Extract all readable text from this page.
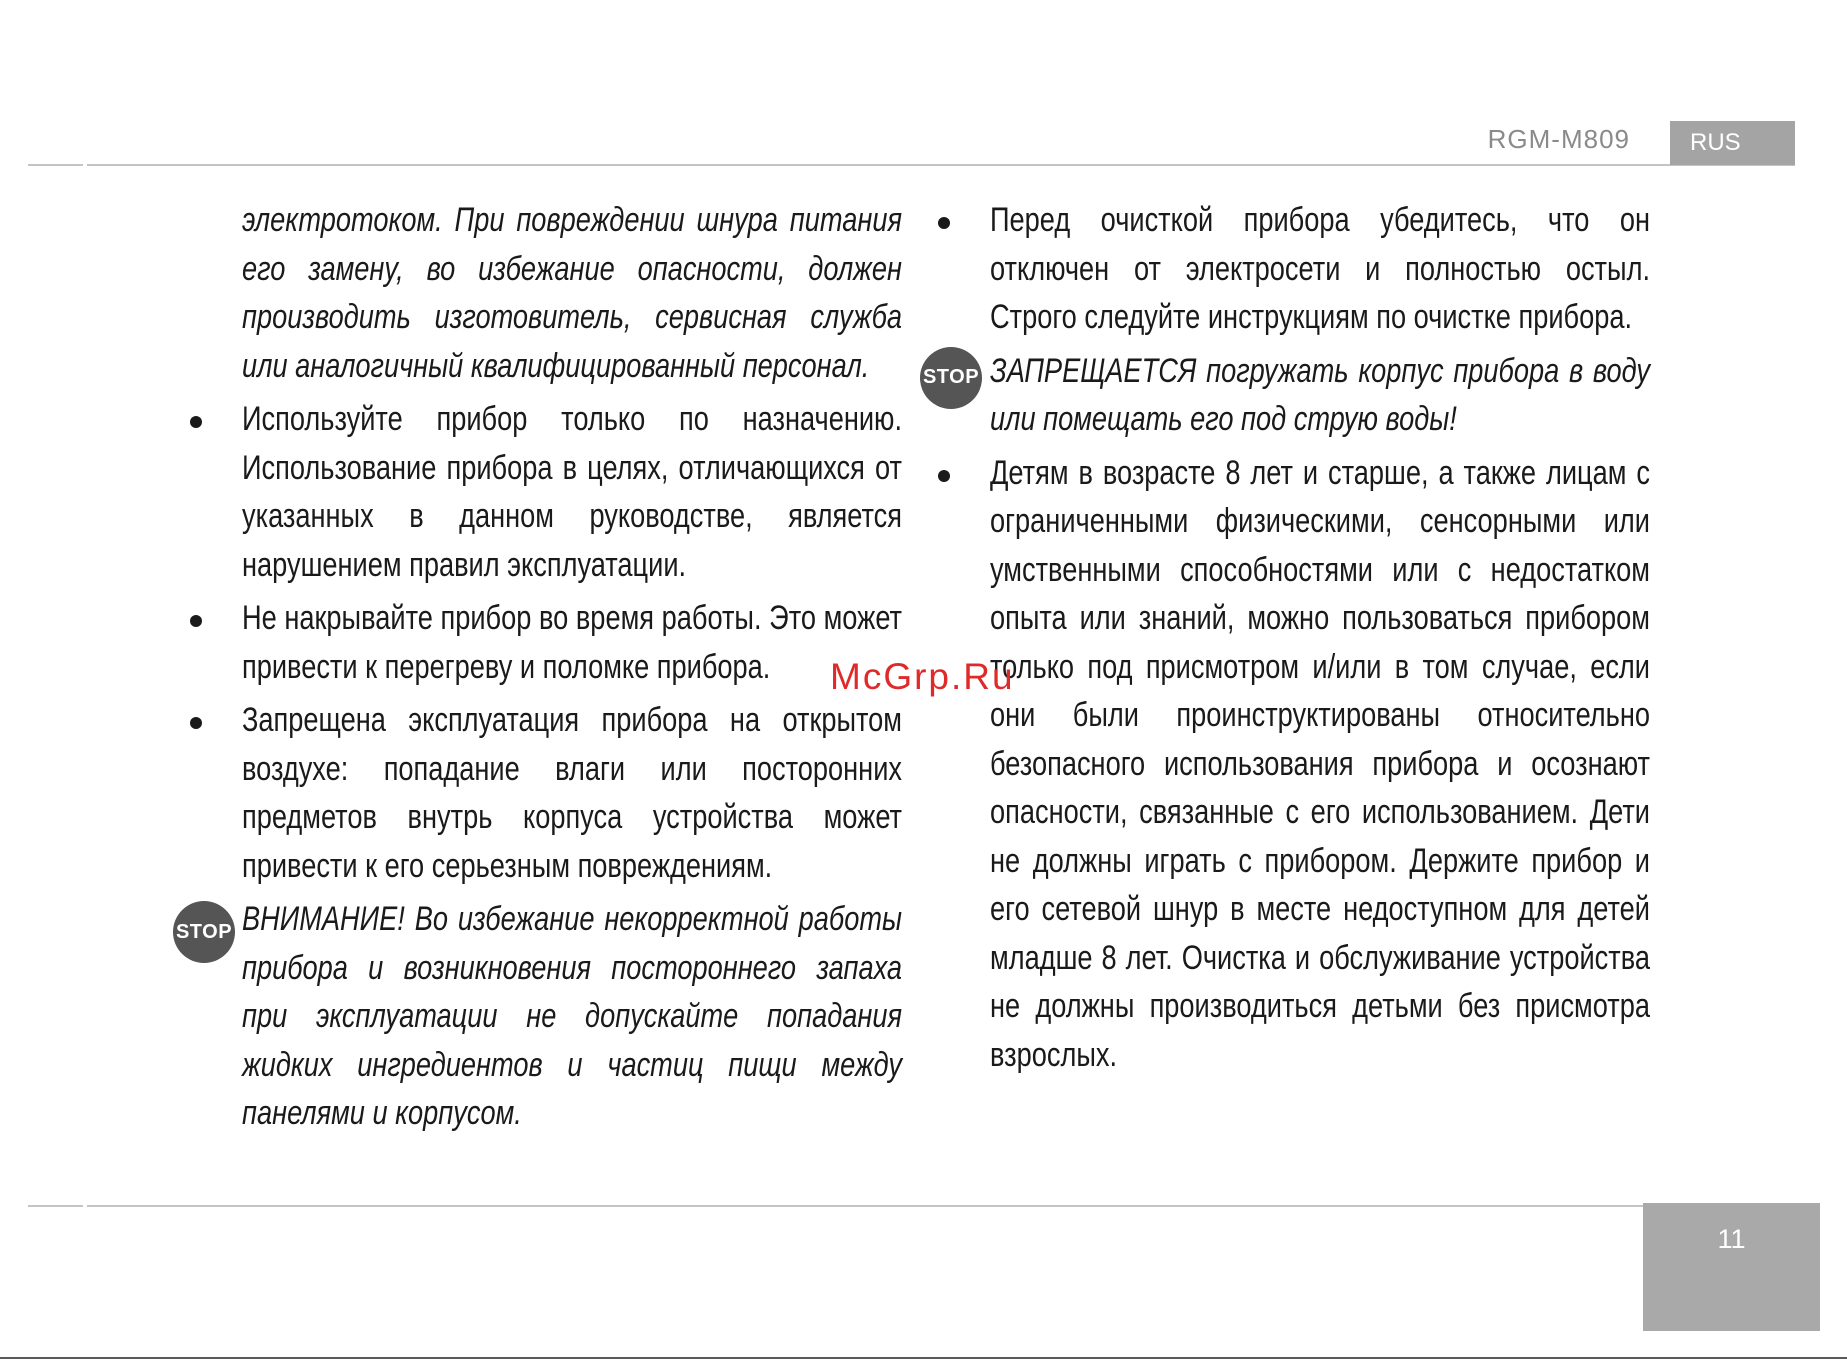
RGM-M809	RUS

электротоком. При повреждении шнура питания его замену, во избежание опасности, должен производить изготовитель, сервисная служба или аналогичный квалифицированный персонал.

Используйте прибор только по назначению. Использование прибора в целях, отличающихся от указанных в данном руководстве, является нарушением правил эксплуатации.

Не накрывайте прибор во время работы. Это может привести к перегреву и поломке прибора.

Запрещена эксплуатация прибора на открытом воздухе: попадание влаги или посторонних предметов внутрь корпуса устройства может привести к его серьезным повреждениям.

STOP ВНИМАНИЕ! Во избежание некорректной работы прибора и возникновения постороннего запаха при эксплуатации не допускайте попадания жидких ингредиентов и частиц пищи между панелями и корпусом.

Перед очисткой прибора убедитесь, что он отключен от электросети и полностью остыл. Строго следуйте инструкциям по очистке прибора.

STOP ЗАПРЕЩАЕТСЯ погружать корпус прибора в воду или помещать его под струю воды!

Детям в возрасте 8 лет и старше, а также лицам с ограниченными физическими, сенсорными или умственными способностями или с недостатком опыта или знаний, можно пользоваться прибором только под присмотром и/или в том случае, если они были проинструктированы относительно безопасного использования прибора и осознают опасности, связанные с его использованием. Дети не должны играть с прибором. Держите прибор и его сетевой шнур в месте недоступном для детей младше 8 лет. Очистка и обслуживание устройства не должны производиться детьми без присмотра взрослых.

McGrp.Ru
11
